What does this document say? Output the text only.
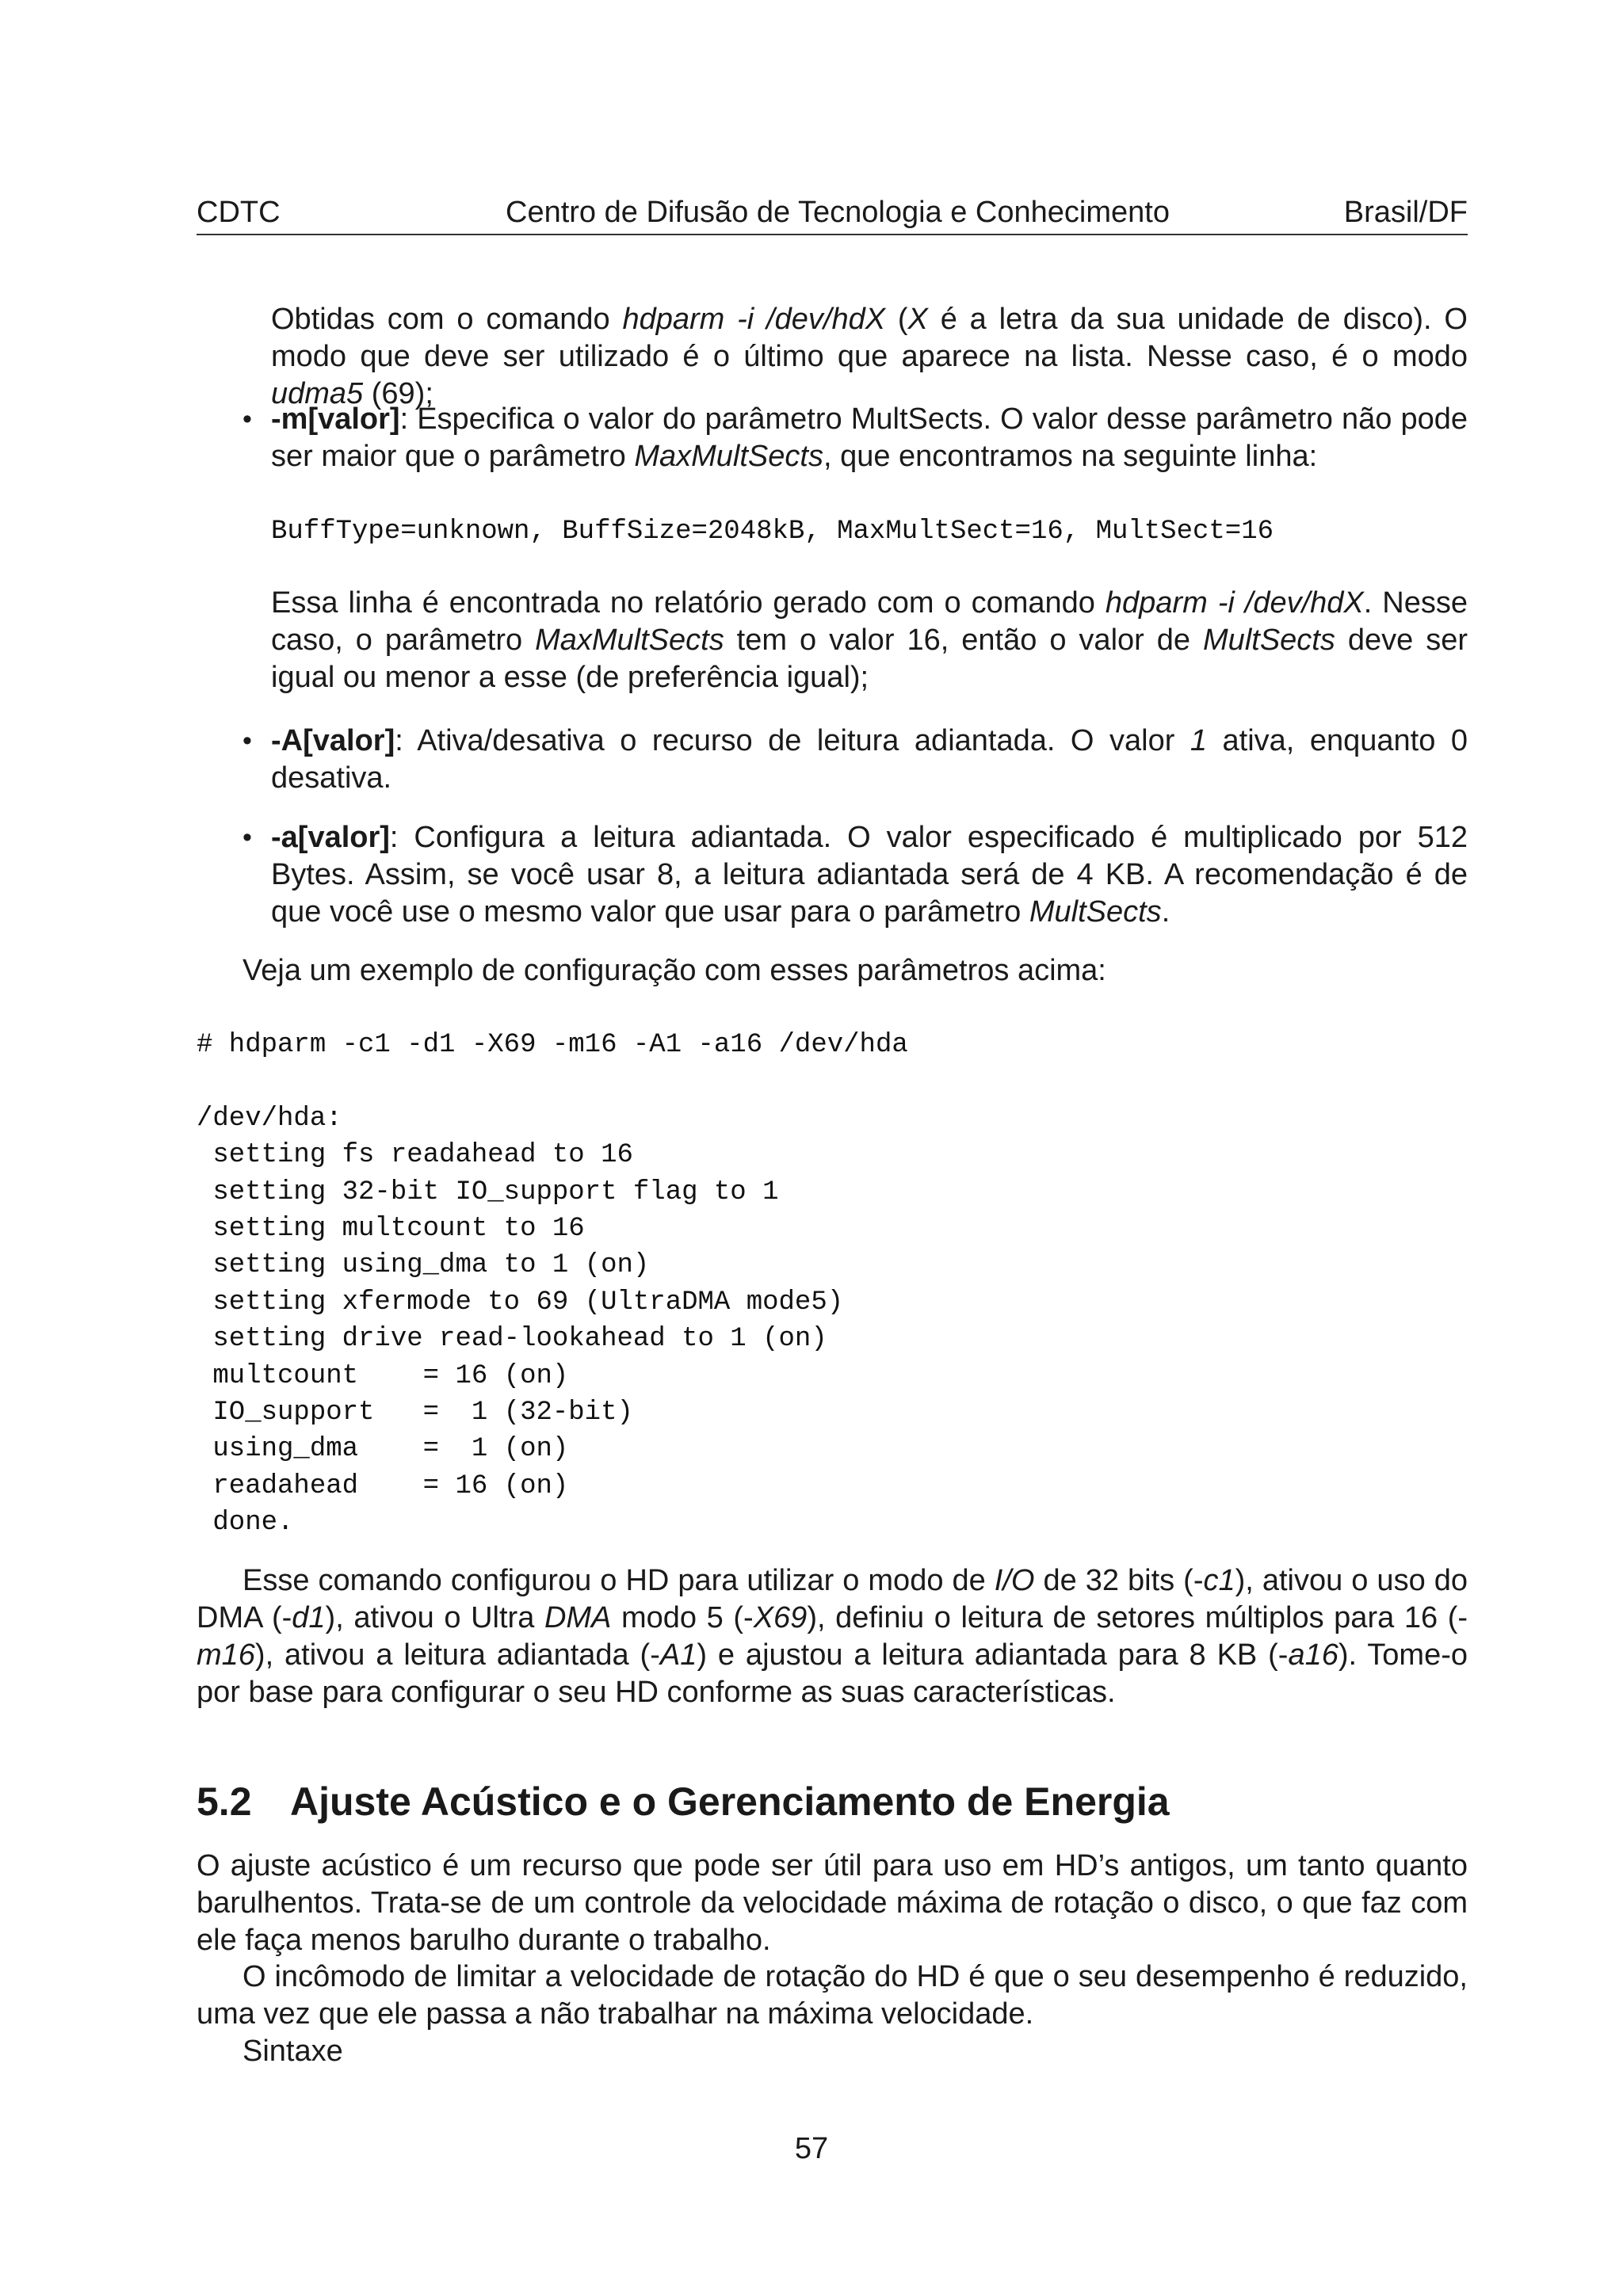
CDTC	Centro de Difusão de Tecnologia e Conhecimento	Brasil/DF
Obtidas com o comando hdparm -i /dev/hdX (X é a letra da sua unidade de disco). O modo que deve ser utilizado é o último que aparece na lista. Nesse caso, é o modo udma5 (69);
• -m[valor]: Especifica o valor do parâmetro MultSects. O valor desse parâmetro não pode ser maior que o parâmetro MaxMultSects, que encontramos na seguinte linha:
BuffType=unknown, BuffSize=2048kB, MaxMultSect=16, MultSect=16
Essa linha é encontrada no relatório gerado com o comando hdparm -i /dev/hdX. Nesse caso, o parâmetro MaxMultSects tem o valor 16, então o valor de MultSects deve ser igual ou menor a esse (de preferência igual);
• -A[valor]: Ativa/desativa o recurso de leitura adiantada. O valor 1 ativa, enquanto 0 desativa.
• -a[valor]: Configura a leitura adiantada. O valor especificado é multiplicado por 512 Bytes. Assim, se você usar 8, a leitura adiantada será de 4 KB. A recomendação é de que você use o mesmo valor que usar para o parâmetro MultSects.
Veja um exemplo de configuração com esses parâmetros acima:
# hdparm -c1 -d1 -X69 -m16 -A1 -a16 /dev/hda

/dev/hda:
setting fs readahead to 16
setting 32-bit IO_support flag to 1
setting multcount to 16
setting using_dma to 1 (on)
setting xfermode to 69 (UltraDMA mode5)
setting drive read-lookahead to 1 (on)
multcount    = 16 (on)
IO_support   =  1 (32-bit)
using_dma    =  1 (on)
readahead    = 16 (on)
done.
Esse comando configurou o HD para utilizar o modo de I/O de 32 bits (-c1), ativou o uso do DMA (-d1), ativou o Ultra DMA modo 5 (-X69), definiu o leitura de setores múltiplos para 16 (-m16), ativou a leitura adiantada (-A1) e ajustou a leitura adiantada para 8 KB (-a16). Tome-o por base para configurar o seu HD conforme as suas características.
5.2 Ajuste Acústico e o Gerenciamento de Energia
O ajuste acústico é um recurso que pode ser útil para uso em HD’s antigos, um tanto quanto barulhentos. Trata-se de um controle da velocidade máxima de rotação o disco, o que faz com ele faça menos barulho durante o trabalho.
O incômodo de limitar a velocidade de rotação do HD é que o seu desempenho é reduzido, uma vez que ele passa a não trabalhar na máxima velocidade.
Sintaxe
57
